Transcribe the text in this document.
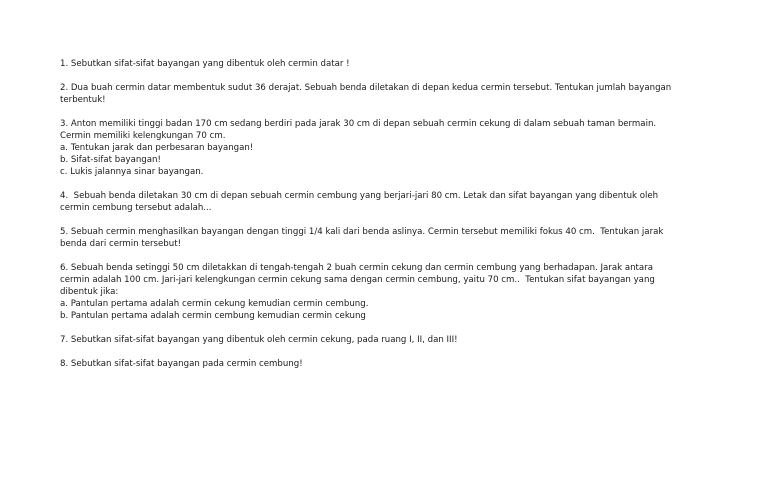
1. Sebutkan sifat-sifat bayangan yang dibentuk oleh cermin datar !
2. Dua buah cermin datar membentuk sudut 36 derajat. Sebuah benda diletakan di depan kedua cermin tersebut. Tentukan jumlah bayangan
terbentuk!
3. Anton memiliki tinggi badan 170 cm sedang berdiri pada jarak 30 cm di depan sebuah cermin cekung di dalam sebuah taman bermain.
Cermin memiliki kelengkungan 70 cm.
a. Tentukan jarak dan perbesaran bayangan!
b. Sifat-sifat bayangan!
c. Lukis jalannya sinar bayangan.
4.  Sebuah benda diletakan 30 cm di depan sebuah cermin cembung yang berjari-jari 80 cm. Letak dan sifat bayangan yang dibentuk oleh
cermin cembung tersebut adalah...
5. Sebuah cermin menghasilkan bayangan dengan tinggi 1/4 kali dari benda aslinya. Cermin tersebut memiliki fokus 40 cm.  Tentukan jarak
benda dari cermin tersebut!
6. Sebuah benda setinggi 50 cm diletakkan di tengah-tengah 2 buah cermin cekung dan cermin cembung yang berhadapan. Jarak antara
cermin adalah 100 cm. Jari-jari kelengkungan cermin cekung sama dengan cermin cembung, yaitu 70 cm..  Tentukan sifat bayangan yang
dibentuk jika:
a. Pantulan pertama adalah cermin cekung kemudian cermin cembung.
b. Pantulan pertama adalah cermin cembung kemudian cermin cekung
7. Sebutkan sifat-sifat bayangan yang dibentuk oleh cermin cekung, pada ruang I, II, dan III!
8. Sebutkan sifat-sifat bayangan pada cermin cembung!
